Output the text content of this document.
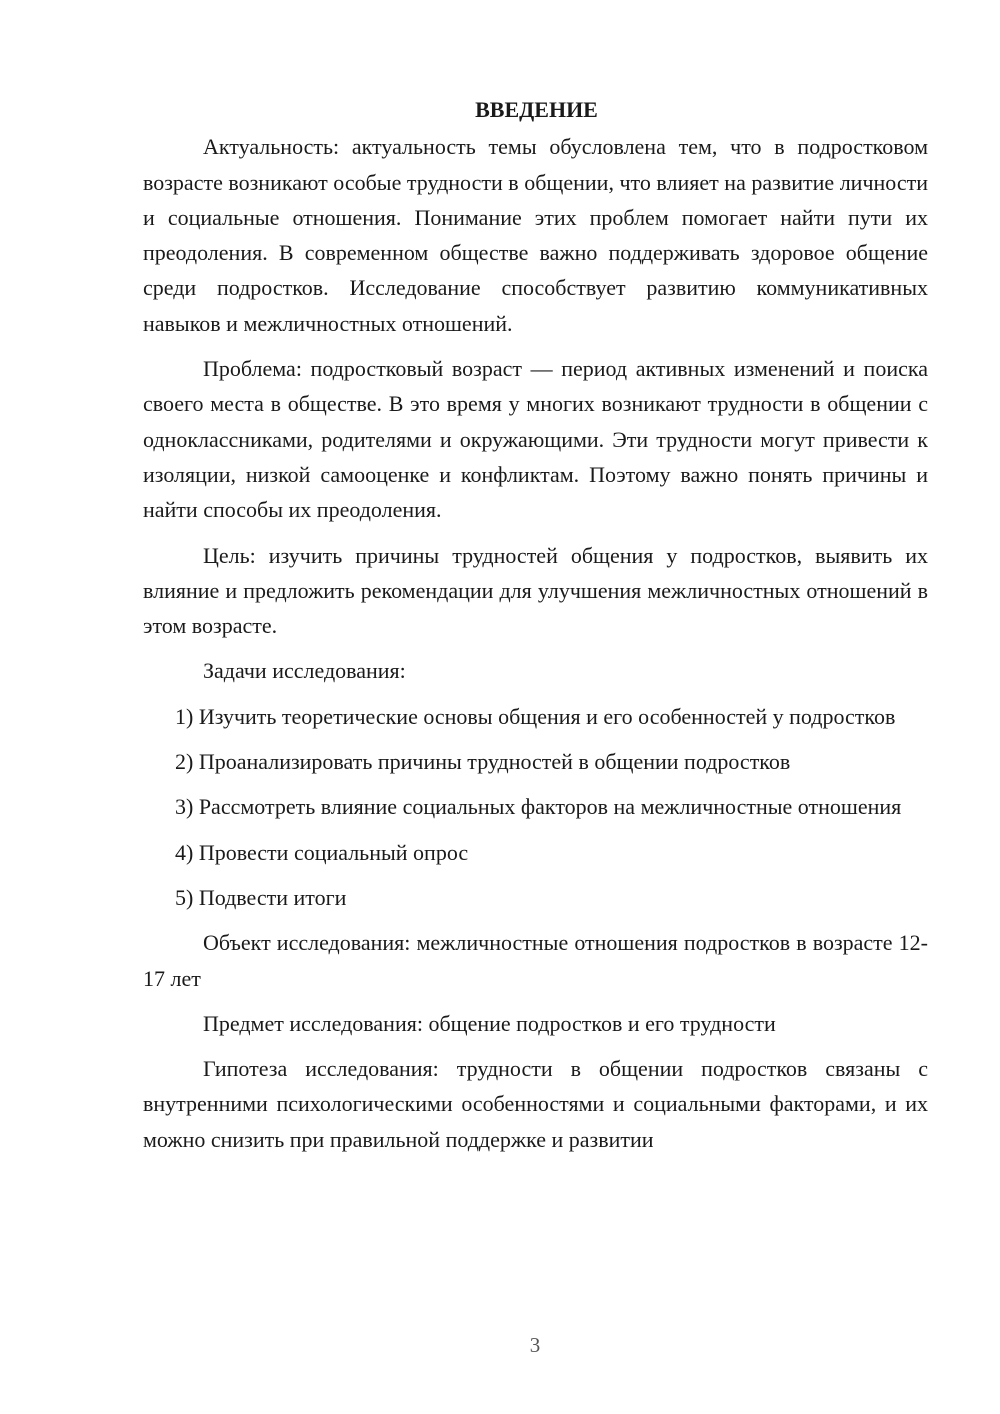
ВВЕДЕНИЕ

Актуальность: актуальность темы обусловлена тем, что в подростковом возрасте возникают особые трудности в общении, что влияет на развитие личности и социальные отношения. Понимание этих проблем помогает найти пути их преодоления. В современном обществе важно поддерживать здоровое общение среди подростков. Исследование способствует развитию коммуникативных навыков и межличностных отношений.

Проблема: подростковый возраст — период активных изменений и поиска своего места в обществе. В это время у многих возникают трудности в общении с одноклассниками, родителями и окружающими. Эти трудности могут привести к изоляции, низкой самооценке и конфликтам. Поэтому важно понять причины и найти способы их преодоления.

Цель: изучить причины трудностей общения у подростков, выявить их влияние и предложить рекомендации для улучшения межличностных отношений в этом возрасте.

Задачи исследования:

1) Изучить теоретические основы общения и его особенностей у подростков

2) Проанализировать причины трудностей в общении подростков

3) Рассмотреть влияние социальных факторов на межличностные отношения

4) Провести социальный опрос

5) Подвести итоги

Объект исследования: межличностные отношения подростков в возрасте 12-17 лет

Предмет исследования: общение подростков и его трудности

Гипотеза исследования: трудности в общении подростков связаны с внутренними психологическими особенностями и социальными факторами, и их можно снизить при правильной поддержке и развитии

3
